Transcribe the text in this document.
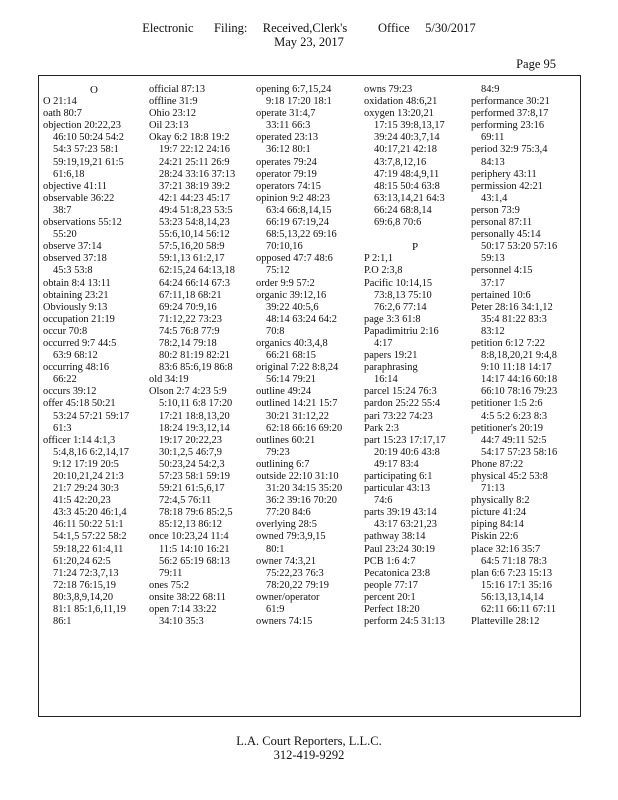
Electronic    Filing:   Received,Clerk's      Office   5/30/2017
May 23, 2017
Page 95
O
O 21:14
oath 80:7
objection 20:22,23
46:10 50:24 54:2
54:3 57:23 58:1
59:19,19,21 61:5
61:6,18
objective 41:11
observable 36:22
38:7
observations 55:12
55:20
observe 37:14
observed 37:18
45:3 53:8
obtain 8:4 13:11
obtaining 23:21
Obviously 9:13
occupation 21:19
occur 70:8
occurred 9:7 44:5
63:9 68:12
occurring 48:16
66:22
occurs 39:12
offer 45:18 50:21
53:24 57:21 59:17
61:3
officer 1:14 4:1,3
5:4,8,16 6:2,14,17
9:12 17:19 20:5
20:10,21,24 21:3
21:7 29:24 30:3
41:5 42:20,23
43:3 45:20 46:1,4
46:11 50:22 51:1
54:1,5 57:22 58:2
59:18,22 61:4,11
61:20,24 62:5
71:24 72:3,7,13
72:18 76:15,19
80:3,8,9,14,20
81:1 85:1,6,11,19
86:1
official 87:13
offline 31:9
Ohio 23:12
Oil 23:13
Okay 6:2 18:8 19:2
19:7 22:12 24:16
24:21 25:11 26:9
28:24 33:16 37:13
37:21 38:19 39:2
42:1 44:23 45:17
49:4 51:8,23 53:5
53:23 54:8,14,23
55:6,10,14 56:12
57:5,16,20 58:9
59:1,13 61:2,17
62:15,24 64:13,18
64:24 66:14 67:3
67:11,18 68:21
69:24 70:9,16
71:12,22 73:23
74:5 76:8 77:9
78:2,14 79:18
80:2 81:19 82:21
83:6 85:6,19 86:8
old 34:19
Olson 2:7 4:23 5:9
5:10,11 6:8 17:20
17:21 18:8,13,20
18:24 19:3,12,14
19:17 20:22,23
30:1,2,5 46:7,9
50:23,24 54:2,3
57:23 58:1 59:19
59:21 61:5,6,17
72:4,5 76:11
78:18 79:6 85:2,5
85:12,13 86:12
once 10:23,24 11:4
11:5 14:10 16:21
56:2 65:19 68:13
79:11
ones 75:2
onsite 38:22 68:11
open 7:14 33:22
34:10 35:3
opening 6:7,15,24
9:18 17:20 18:1
operate 31:4,7
33:11 66:3
operated 23:13
36:12 80:1
operates 79:24
operator 79:19
operators 74:15
opinion 9:2 48:23
63:4 66:8,14,15
66:19 67:19,24
68:5,13,22 69:16
70:10,16
opposed 47:7 48:6
75:12
order 9:9 57:2
organic 39:12,16
39:22 40:5,6
48:14 63:24 64:2
70:8
organics 40:3,4,8
66:21 68:15
original 7:22 8:8,24
56:14 79:21
outline 49:24
outlined 14:21 15:7
30:21 31:12,22
62:18 66:16 69:20
outlines 60:21
79:23
outlining 6:7
outside 22:10 31:10
31:20 34:15 35:20
36:2 39:16 70:20
77:20 84:6
overlying 28:5
owned 79:3,9,15
80:1
owner 74:3,21
75:22,23 76:3
78:20,22 79:19
owner/operator
61:9
owners 74:15
owns 79:23
oxidation 48:6,21
oxygen 13:20,21
17:15 39:8,13,17
39:24 40:3,7,14
40:17,21 42:18
43:7,8,12,16
47:19 48:4,9,11
48:15 50:4 63:8
63:13,14,21 64:3
66:24 68:8,14
69:6,8 70:6
P
P 2:1,1
P.O 2:3,8
Pacific 10:14,15
73:8,13 75:10
76:2,6 77:14
page 3:3 61:8
Papadimitriu 2:16
4:17
papers 19:21
paraphrasing
16:14
parcel 15:24 76:3
pardon 25:22 55:4
pari 73:22 74:23
Park 2:3
part 15:23 17:17,17
20:19 40:6 43:8
49:17 83:4
participating 6:1
particular 43:13
74:6
parts 39:19 43:14
43:17 63:21,23
pathway 38:14
Paul 23:24 30:19
PCB 1:6 4:7
Pecatonica 23:8
people 77:17
percent 20:1
Perfect 18:20
perform 24:5 31:13
84:9
performance 30:21
performed 37:8,17
performing 23:16
69:11
period 32:9 75:3,4
84:13
periphery 43:11
permission 42:21
43:1,4
person 73:9
personal 87:11
personally 45:14
50:17 53:20 57:16
59:13
personnel 4:15
37:17
pertained 10:6
Peter 28:16 34:1,12
35:4 81:22 83:3
83:12
petition 6:12 7:22
8:8,18,20,21 9:4,8
9:10 11:18 14:17
14:17 44:16 60:18
66:10 78:16 79:23
petitioner 1:5 2:6
4:5 5:2 6:23 8:3
petitioner's 20:19
44:7 49:11 52:5
54:17 57:23 58:16
Phone 87:22
physical 45:2 53:8
71:13
physically 8:2
picture 41:24
piping 84:14
Piskin 22:6
place 32:16 35:7
64:5 71:18 78:3
plan 6:6 7:23 15:13
15:16 17:1 35:16
56:13,13,14,14
62:11 66:11 67:11
Platteville 28:12
L.A. Court Reporters, L.L.C.
312-419-9292
